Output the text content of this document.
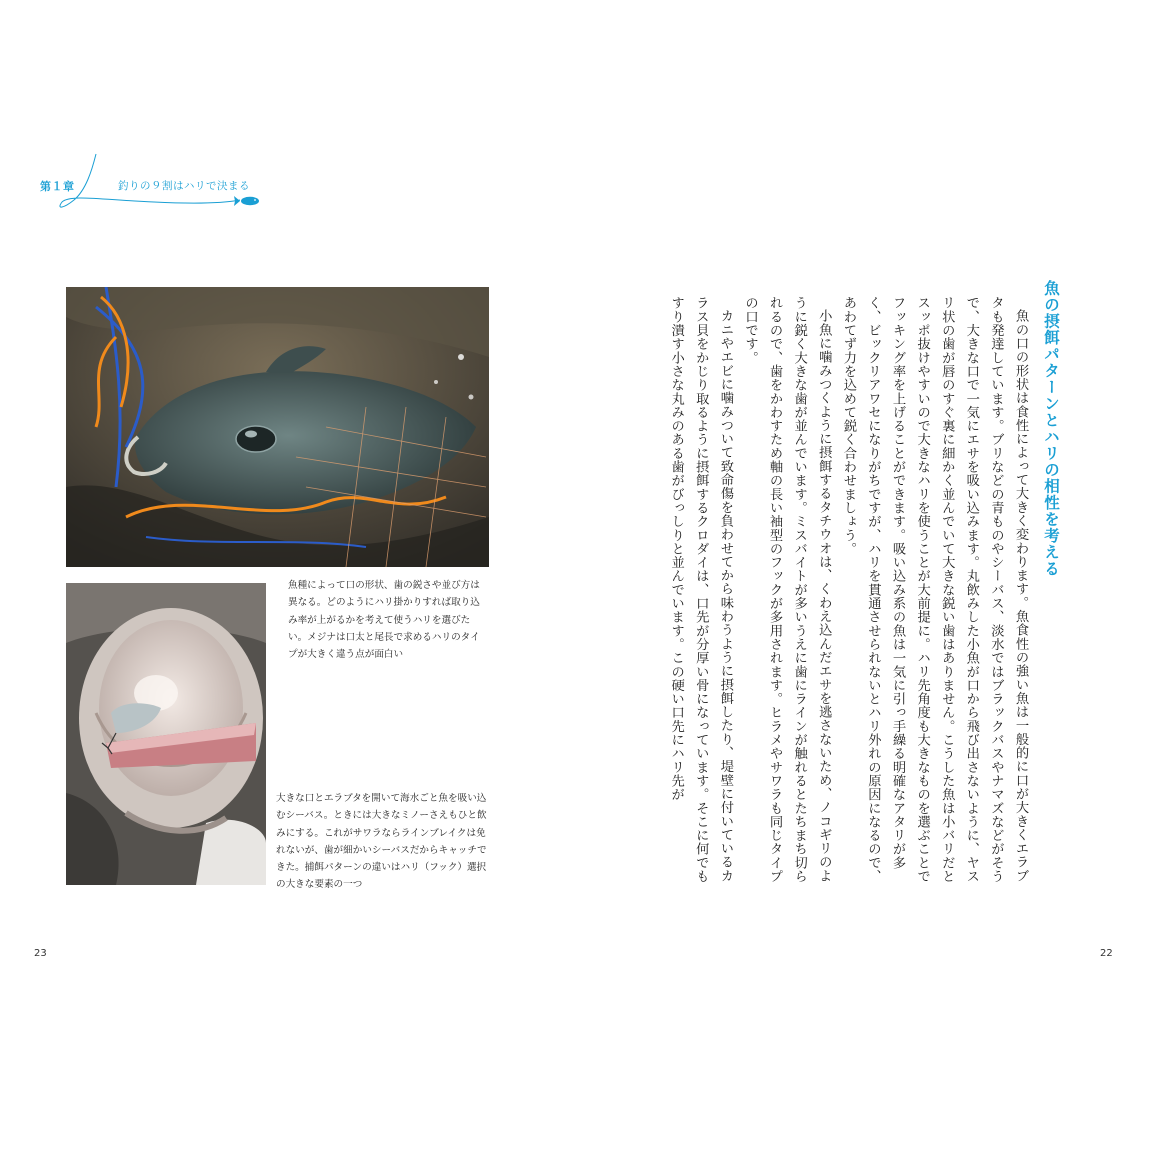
第１章	釣りの９割はハリで決まる
魚種によって口の形状、歯の鋭さや並び方は異なる。どのようにハリ掛かりすれば取り込み率が上がるかを考えて使うハリを選びたい。メジナは口太と尾長で求めるハリのタイプが大きく違う点が面白い
大きな口とエラブタを開いて海水ごと魚を吸い込むシーバス。ときには大きなミノーさえもひと飲みにする。これがサワラならラインブレイクは免れないが、歯が細かいシーバスだからキャッチできた。捕餌パターンの違いはハリ（フック）選択の大きな要素の一つ
23	22
魚の摂餌パターンとハリの相性を考える

魚の口の形状は食性によって大きく変わります。魚食性の強い魚は一般的に口が大きくエラブタも発達しています。ブリなどの青ものやシーバス、淡水ではブラックバスやナマズなどがそうで、大きな口で一気にエサを吸い込みます。丸飲みした小魚が口から飛び出さないように、ヤスリ状の歯が唇のすぐ裏に細かく並んでいて大きな鋭い歯はありません。こうした魚は小バリだとスッポ抜けやすいので大きなハリを使うことが大前提に。ハリ先角度も大きなものを選ぶことでフッキング率を上げることができます。吸い込み系の魚は一気に引っ手繰る明確なアタリが多く、ビックリアワセになりがちですが、ハリを貫通させられないとハリ外れの原因になるので、あわてず力を込めて鋭く合わせましょう。

小魚に噛みつくように摂餌するタチウオは、くわえ込んだエサを逃さないため、ノコギリのように鋭く大きな歯が並んでいます。ミスバイトが多いうえに歯にラインが触れるとたちまち切られるので、歯をかわすため軸の長い袖型のフックが多用されます。ヒラメやサワラも同じタイプの口です。

カニやエビに噛みついて致命傷を負わせてから味わうように摂餌したり、堤壁に付いているカラス貝をかじり取るように摂餌するクロダイは、口先が分厚い骨になっています。そこに何でもすり潰す小さな丸みのある歯がびっしりと並んでいます。この硬い口先にハリ先が
